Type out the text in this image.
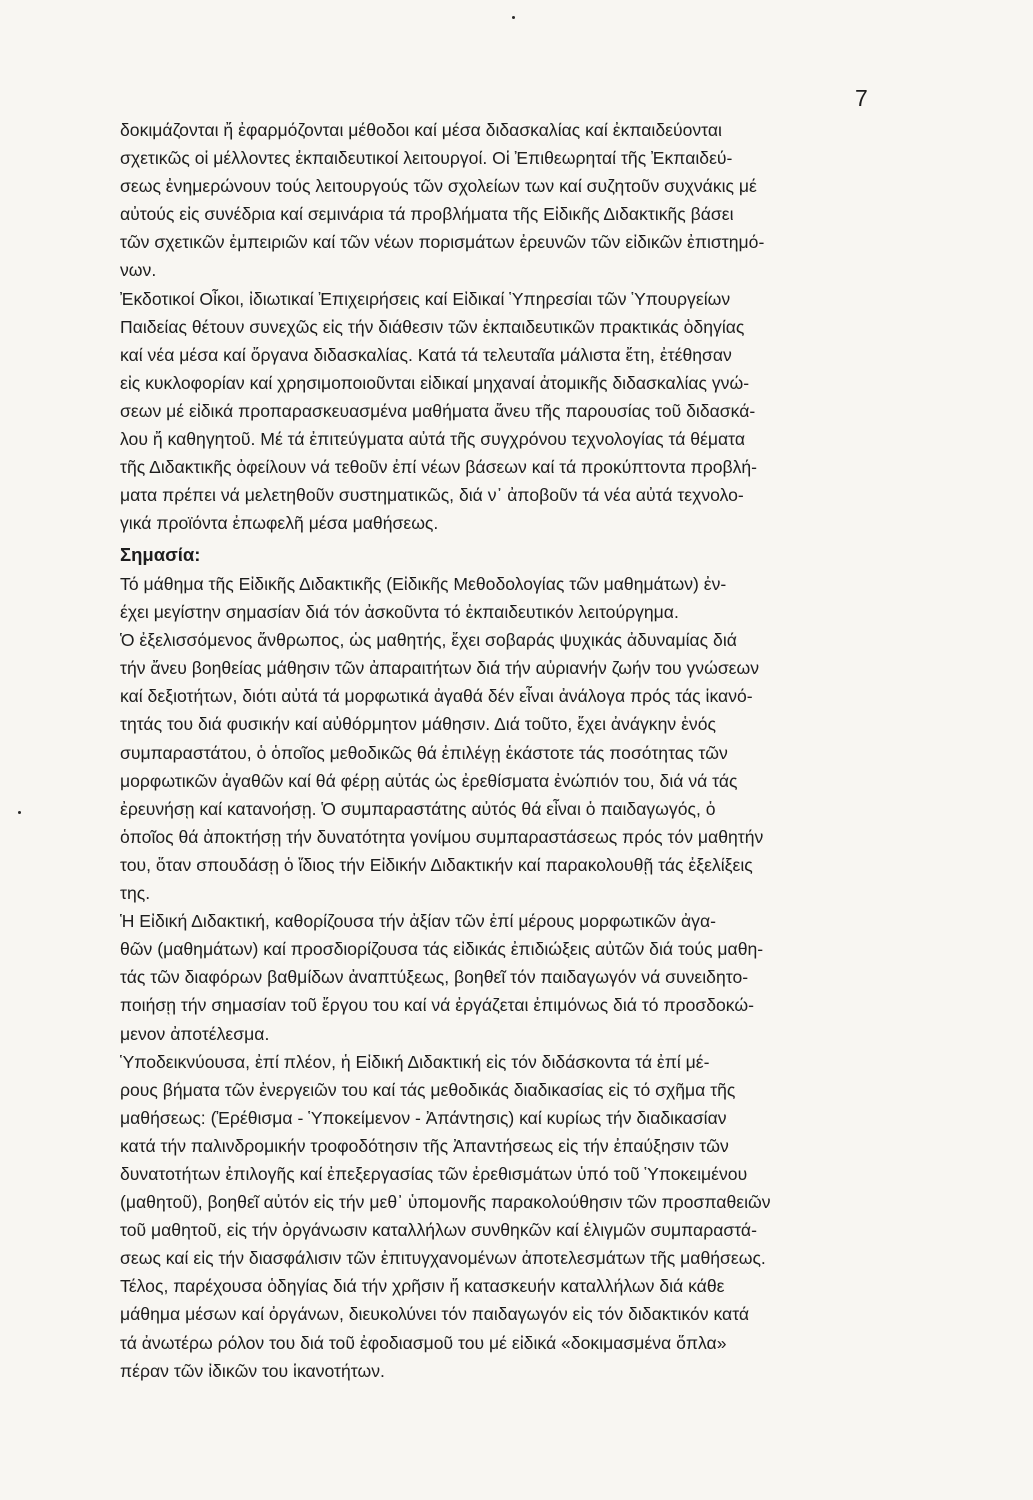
7
δοκιμάζονται ἤ ἐφαρμόζονται μέθοδοι καί μέσα διδασκαλίας καί ἐκπαιδεύονται
σχετικῶς οἱ μέλλοντες ἐκπαιδευτικοί λειτουργοί. Οἱ Ἐπιθεωρηταί τῆς Ἐκπαιδεύ-
σεως ἐνημερώνουν τούς λειτουργούς τῶν σχολείων των καί συζητοῦν συχνάκις μέ
αὐτούς εἰς συνέδρια καί σεμινάρια τά προβλήματα τῆς Εἰδικῆς Διδακτικῆς βάσει
τῶν σχετικῶν ἐμπειριῶν καί τῶν νέων πορισμάτων ἐρευνῶν τῶν εἰδικῶν ἐπιστημό-
νων.
Ἐκδοτικοί Οἶκοι, ἰδιωτικαί Ἐπιχειρήσεις καί Εἰδικαί Ὑπηρεσίαι τῶν Ὑπουργείων
Παιδείας θέτουν συνεχῶς εἰς τήν διάθεσιν τῶν ἐκπαιδευτικῶν πρακτικάς ὁδηγίας
καί νέα μέσα καί ὄργανα διδασκαλίας. Κατά τά τελευταῖα μάλιστα ἔτη, ἐτέθησαν
εἰς κυκλοφορίαν καί χρησιμοποιοῦνται εἰδικαί μηχαναί ἀτομικῆς διδασκαλίας γνώ-
σεων μέ εἰδικά προπαρασκευασμένα μαθήματα ἄνευ τῆς παρουσίας τοῦ διδασκά-
λου ἤ καθηγητοῦ. Μέ τά ἐπιτεύγματα αὐτά τῆς συγχρόνου τεχνολογίας τά θέματα
τῆς Διδακτικῆς ὀφείλουν νά τεθοῦν ἐπί νέων βάσεων καί τά προκύπτοντα προβλή-
ματα πρέπει νά μελετηθοῦν συστηματικῶς, διά ν᾽ ἀποβοῦν τά νέα αὐτά τεχνολο-
γικά προϊόντα ἐπωφελῆ μέσα μαθήσεως.
Σημασία:
Τό μάθημα τῆς Εἰδικῆς Διδακτικῆς (Εἰδικῆς Μεθοδολογίας τῶν μαθημάτων) ἐν-
έχει μεγίστην σημασίαν διά τόν ἀσκοῦντα τό ἐκπαιδευτικόν λειτούργημα.
Ὁ ἐξελισσόμενος ἄνθρωπος, ὡς μαθητής, ἔχει σοβαράς ψυχικάς ἀδυναμίας διά
τήν ἄνευ βοηθείας μάθησιν τῶν ἀπαραιτήτων διά τήν αὐριανήν ζωήν του γνώσεων
καί δεξιοτήτων, διότι αὐτά τά μορφωτικά ἀγαθά δέν εἶναι ἀνάλογα πρός τάς ἱκανό-
τητάς του διά φυσικήν καί αὐθόρμητον μάθησιν. Διά τοῦτο, ἔχει ἀνάγκην ἑνός
συμπαραστάτου, ὁ ὁποῖος μεθοδικῶς θά ἐπιλέγῃ ἑκάστοτε τάς ποσότητας τῶν
μορφωτικῶν ἀγαθῶν καί θά φέρῃ αὐτάς ὡς ἐρεθίσματα ἐνώπιόν του, διά νά τάς
ἐρευνήσῃ καί κατανοήσῃ. Ὁ συμπαραστάτης αὐτός θά εἶναι ὁ παιδαγωγός, ὁ
ὁποῖος θά ἀποκτήσῃ τήν δυνατότητα γονίμου συμπαραστάσεως πρός τόν μαθητήν
του, ὅταν σπουδάσῃ ὁ ἴδιος τήν Εἰδικήν Διδακτικήν καί παρακολουθῇ τάς ἐξελίξεις
της.
Ἡ Εἰδική Διδακτική, καθορίζουσα τήν ἀξίαν τῶν ἐπί μέρους μορφωτικῶν ἀγα-
θῶν (μαθημάτων) καί προσδιορίζουσα τάς εἰδικάς ἐπιδιώξεις αὐτῶν διά τούς μαθη-
τάς τῶν διαφόρων βαθμίδων ἀναπτύξεως, βοηθεῖ τόν παιδαγωγόν νά συνειδητο-
ποιήσῃ τήν σημασίαν τοῦ ἔργου του καί νά ἐργάζεται ἐπιμόνως διά τό προσδοκώ-
μενον ἀποτέλεσμα.
Ὑποδεικνύουσα, ἐπί πλέον, ἡ Εἰδική Διδακτική εἰς τόν διδάσκοντα τά ἐπί μέ-
ρους βήματα τῶν ἐνεργειῶν του καί τάς μεθοδικάς διαδικασίας εἰς τό σχῆμα τῆς
μαθήσεως: (Ἐρέθισμα - Ὑποκείμενον - Ἀπάντησις) καί κυρίως τήν διαδικασίαν
κατά τήν παλινδρομικήν τροφοδότησιν τῆς Ἀπαντήσεως εἰς τήν ἐπαύξησιν τῶν
δυνατοτήτων ἐπιλογῆς καί ἐπεξεργασίας τῶν ἐρεθισμάτων ὑπό τοῦ Ὑποκειμένου
(μαθητοῦ), βοηθεῖ αὐτόν εἰς τήν μεθ᾽ ὑπομονῆς παρακολούθησιν τῶν προσπαθειῶν
τοῦ μαθητοῦ, εἰς τήν ὀργάνωσιν καταλλήλων συνθηκῶν καί ἑλιγμῶν συμπαραστά-
σεως καί εἰς τήν διασφάλισιν τῶν ἐπιτυγχανομένων ἀποτελεσμάτων τῆς μαθήσεως.
Τέλος, παρέχουσα ὁδηγίας διά τήν χρῆσιν ἤ κατασκευήν καταλλήλων διά κάθε
μάθημα μέσων καί ὀργάνων, διευκολύνει τόν παιδαγωγόν εἰς τόν διδακτικόν κατά
τά ἀνωτέρω ρόλον του διά τοῦ ἐφοδιασμοῦ του μέ εἰδικά «δοκιμασμένα ὅπλα»
πέραν τῶν ἰδικῶν του ἱκανοτήτων.
